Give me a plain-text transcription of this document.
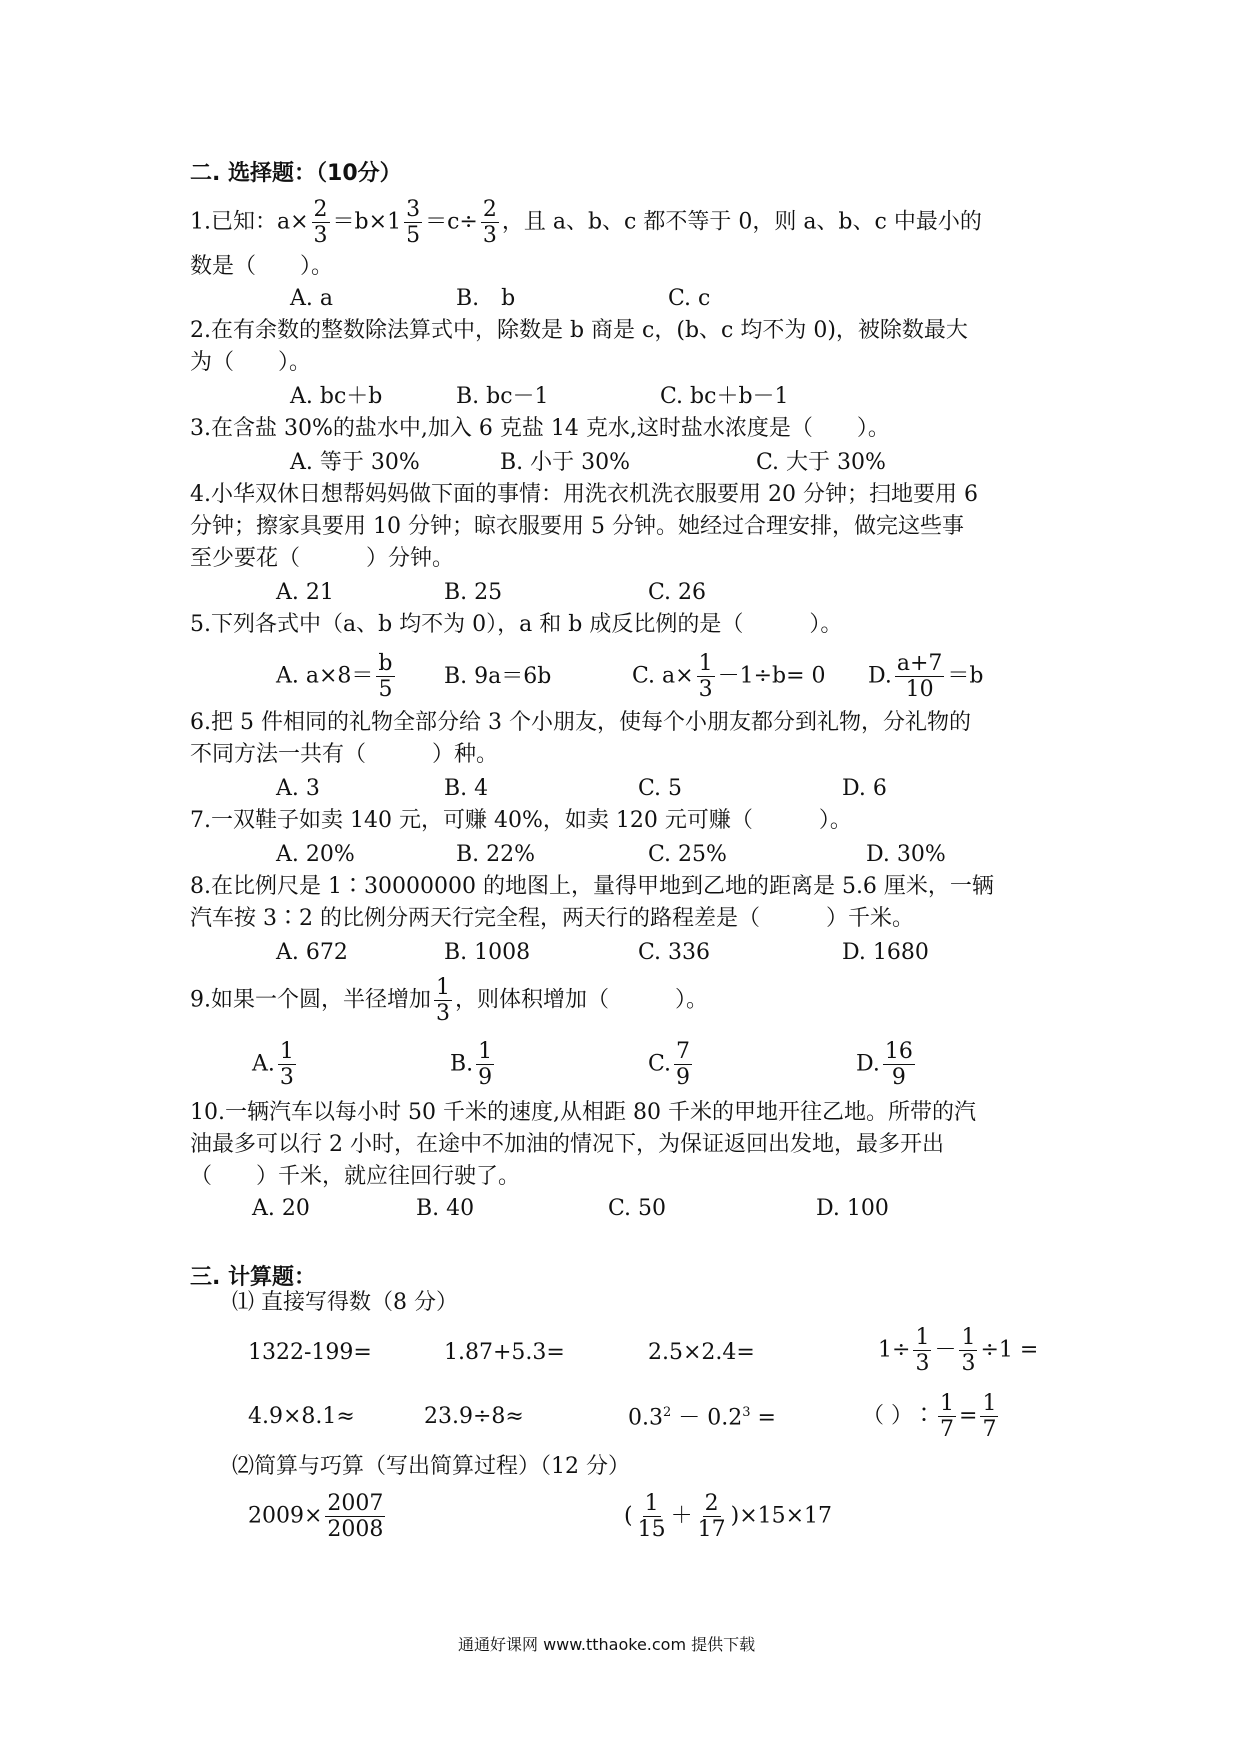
二. 选择题：（10分）
1.已知：$a\times \frac{2}{3} =b\times 1 \frac{3}{5} =c\div \frac{2}{3}$ ，且 a、b、c 都不等于 0，则 a、b、c 中最小的
数是（　　）。
A. a	B.　b	C. c
2.在有余数的整数除法算式中，除数是 b 商是 c，(b、c 均不为 0)，被除数最大
为（　　）。
A. bc＋b	B. bc－1	C. bc＋b－1
3.在含盐 30%的盐水中,加入 6 克盐 14 克水,这时盐水浓度是（　　）。
A. 等于 30%	B. 小于 30%	C. 大于 30%
4.小华双休日想帮妈妈做下面的事情：用洗衣机洗衣服要用 20 分钟；扫地要用 6
分钟；擦家具要用 10 分钟；晾衣服要用 5 分钟。她经过合理安排，做完这些事
至少要花（　　　）分钟。
A. 21	B. 25	C. 26
5.下列各式中（a、b 均不为 0），a 和 b 成反比例的是（　　　）。
A. $a\times 8= \frac{b}{5} B$. 9a＝6b	C. $a\times \frac{1}{3} -1\div b= 0$ D. $\frac{a+7}{10} =b$
6.把 5 件相同的礼物全部分给 3 个小朋友，使每个小朋友都分到礼物，分礼物的
不同方法一共有（　　　）种。
A. 3	B. 4	C. 5	D. 6
7.一双鞋子如卖 140 元，可赚 40%，如卖 120 元可赚（　　　）。
A. 20%	B. 22%	C. 25%	D. 30%
8.在比例尺是 1∶30000000 的地图上，量得甲地到乙地的距离是 5.6 厘米，一辆
汽车按 3∶2 的比例分两天行完全程，两天行的路程差是（　　　）千米。
A. 672	B. 1008	C. 336	D. 1680
9.如果一个圆，半径增加 $\frac{1}{3}$ ，则体积增加（　　　）。
A. $\frac{1}{3}$	B. $\frac{1}{9}$	C. $\frac{7}{9}$	D. $\frac{16}{9}$
10.一辆汽车以每小时 50 千米的速度,从相距 80 千米的甲地开往乙地。所带的汽
油最多可以行 2 小时，在途中不加油的情况下，为保证返回出发地，最多开出
（　　）千米，就应往回行驶了。
A. 20	B. 40	C. 50	D. 100
三. 计算题：
⑴ 直接写得数（8 分）
1322-199=	1.87+5.3=	2.5×2.4=	$1\div \frac{1}{3} - \frac{1}{3} \div 1$ =
4.9×8.1≈	23.9÷8≈	$0.3^2 - 0.2^3$ =	（ ）∶ $\frac{1}{7} = \frac{1}{7}$
⑵简算与巧算（写出简算过程）（12 分）
$2009\times \frac{2007}{2008}$	( $\frac{1}{15} + \frac{2}{17} )\times 15\times 17$
通通好课网 www.tthaoke.com 提供下载
